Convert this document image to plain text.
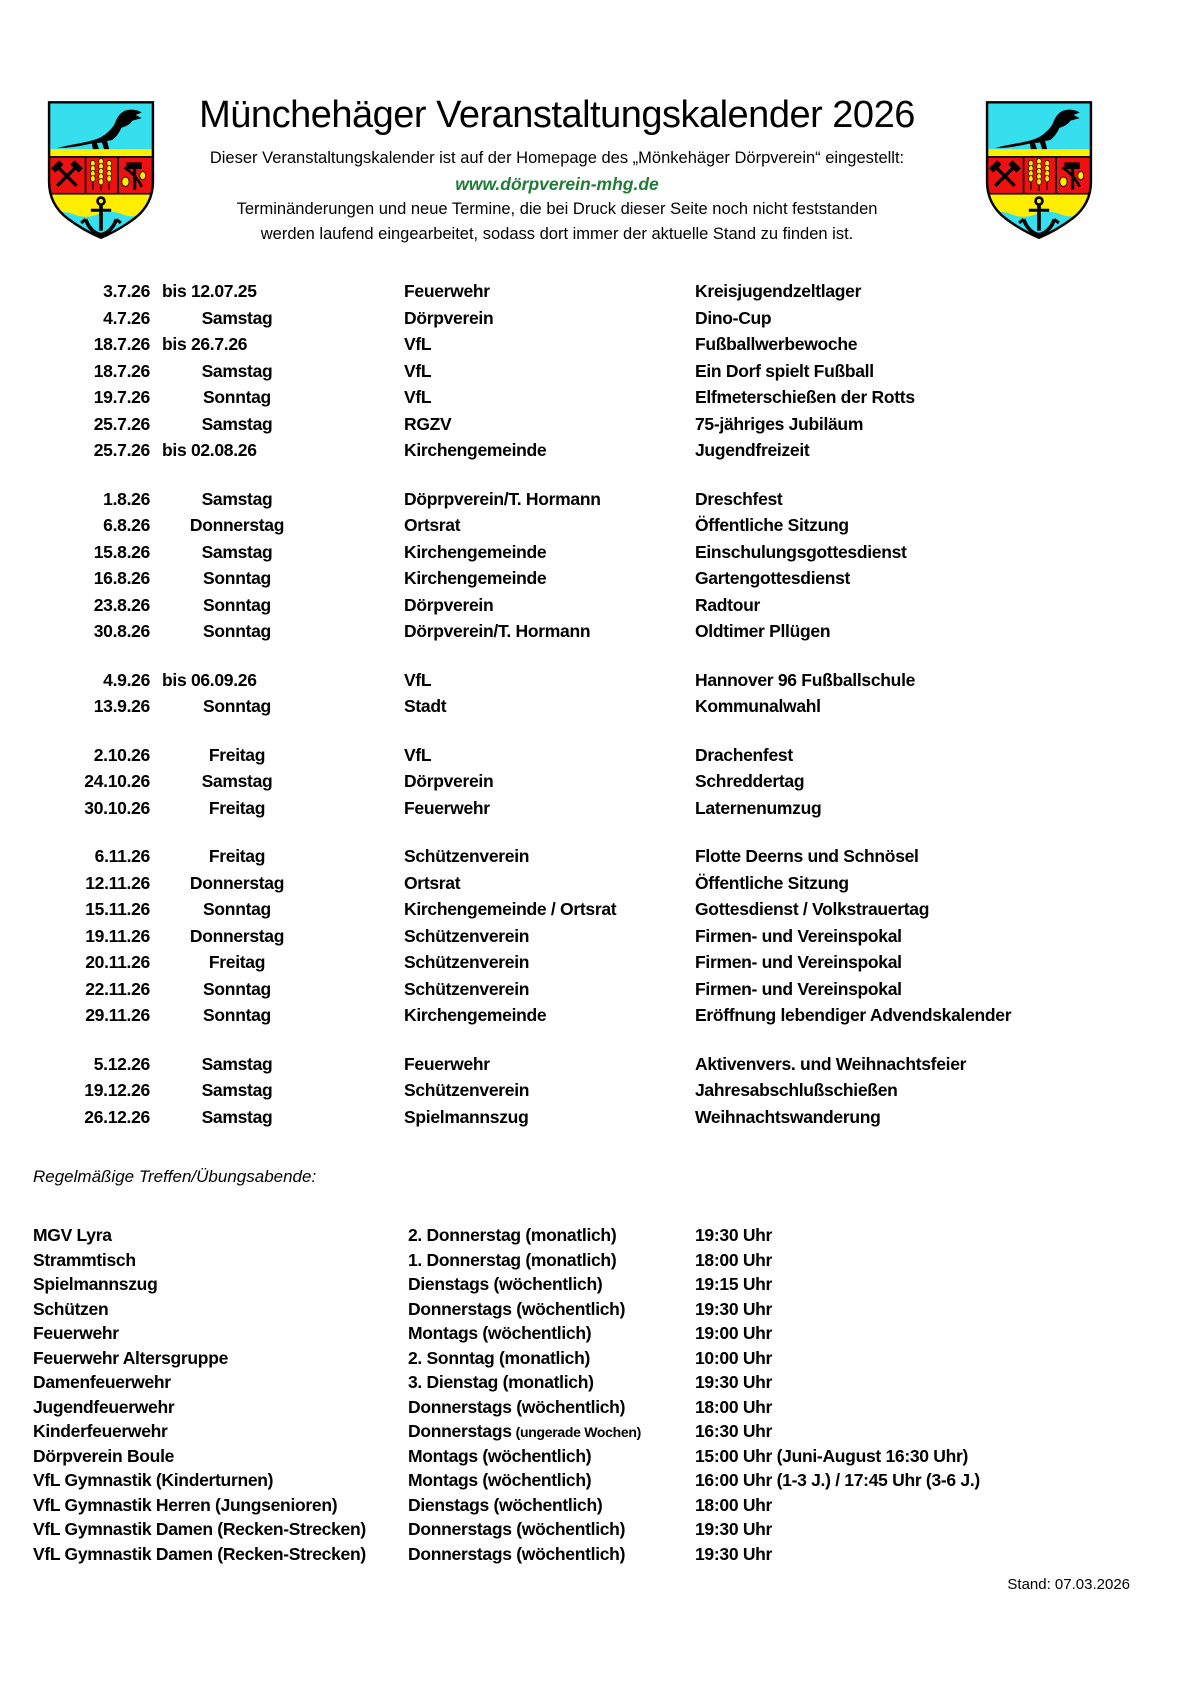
Münchehäger Veranstaltungskalender 2026

Dieser Veranstaltungskalender ist auf der Homepage des „Mönkehäger Dörpverein“ eingestellt:

www.dörpverein-mhg.de

Terminänderungen und neue Termine, die bei Druck dieser Seite noch nicht feststanden

werden laufend eingearbeitet, sodass dort immer der aktuelle Stand zu finden ist.

3.7.26 bis 12.07.25	Feuerwehr	Kreisjugendzeltlager
4.7.26	Samstag	Dörpverein	Dino-Cup
18.7.26 bis 26.7.26	VfL	Fußballwerbewoche
18.7.26	Samstag	VfL	Ein Dorf spielt Fußball
19.7.26	Sonntag	VfL	Elfmeterschießen der Rotts
25.7.26	Samstag	RGZV	75-jähriges Jubiläum
25.7.26 bis 02.08.26	Kirchengemeinde	Jugendfreizeit
1.8.26	Samstag	Döprpverein/T. Hormann	Dreschfest
6.8.26	Donnerstag	Ortsrat	Öffentliche Sitzung
15.8.26	Samstag	Kirchengemeinde	Einschulungsgottesdienst
16.8.26	Sonntag	Kirchengemeinde	Gartengottesdienst
23.8.26	Sonntag	Dörpverein	Radtour
30.8.26	Sonntag	Dörpverein/T. Hormann	Oldtimer Pllügen
4.9.26 bis 06.09.26	VfL	Hannover 96 Fußballschule
13.9.26	Sonntag	Stadt	Kommunalwahl
2.10.26	Freitag	VfL	Drachenfest
24.10.26	Samstag	Dörpverein	Schreddertag
30.10.26	Freitag	Feuerwehr	Laternenumzug
6.11.26	Freitag	Schützenverein	Flotte Deerns und Schnösel
12.11.26	Donnerstag	Ortsrat	Öffentliche Sitzung
15.11.26	Sonntag	Kirchengemeinde / Ortsrat	Gottesdienst / Volkstrauertag
19.11.26	Donnerstag	Schützenverein	Firmen- und Vereinspokal
20.11.26	Freitag	Schützenverein	Firmen- und Vereinspokal
22.11.26	Sonntag	Schützenverein	Firmen- und Vereinspokal
29.11.26	Sonntag	Kirchengemeinde	Eröffnung lebendiger Advendskalender
5.12.26	Samstag	Feuerwehr	Aktivenvers. und Weihnachtsfeier
19.12.26	Samstag	Schützenverein	Jahresabschlußschießen
26.12.26	Samstag	Spielmannszug	Weihnachtswanderung
Regelmäßige Treffen/Übungsabende:
MGV Lyra	2. Donnerstag (monatlich)	19:30 Uhr
Strammtisch	1. Donnerstag (monatlich)	18:00 Uhr
Spielmannszug	Dienstags (wöchentlich)	19:15 Uhr
Schützen	Donnerstags (wöchentlich)	19:30 Uhr
Feuerwehr	Montags (wöchentlich)	19:00 Uhr
Feuerwehr Altersgruppe	2. Sonntag (monatlich)	10:00 Uhr
Damenfeuerwehr	3. Dienstag (monatlich)	19:30 Uhr
Jugendfeuerwehr	Donnerstags (wöchentlich)	18:00 Uhr
Kinderfeuerwehr	Donnerstags (ungerade Wochen)	16:30 Uhr
Dörpverein Boule	Montags (wöchentlich)	15:00 Uhr (Juni-August 16:30 Uhr)
VfL Gymnastik (Kinderturnen)	Montags (wöchentlich)	16:00 Uhr (1-3 J.) / 17:45 Uhr (3-6 J.)
VfL Gymnastik Herren (Jungsenioren)	Dienstags (wöchentlich)	18:00 Uhr
VfL Gymnastik Damen (Recken-Strecken)	Donnerstags (wöchentlich)	19:30 Uhr
VfL Gymnastik Damen (Recken-Strecken)	Donnerstags (wöchentlich)	19:30 Uhr
Stand: 07.03.2026
